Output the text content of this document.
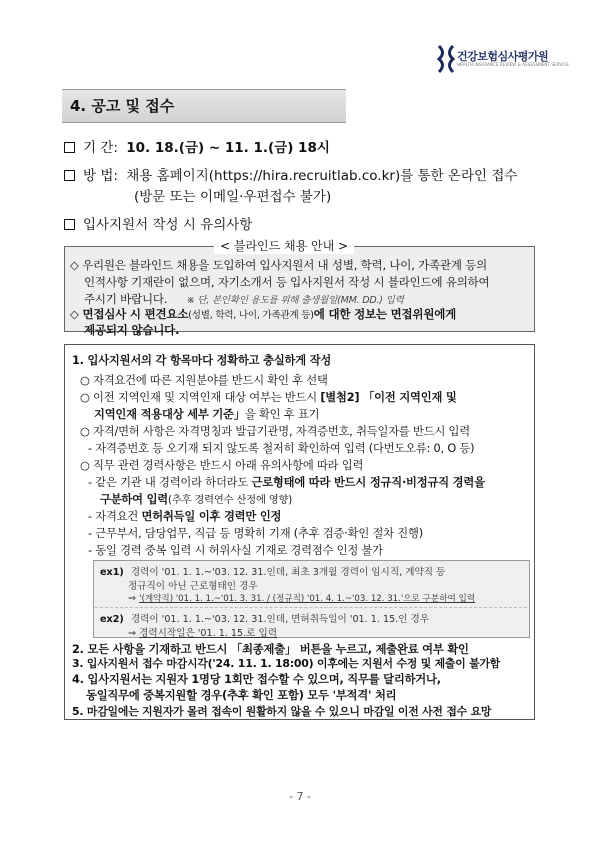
건강보험심사평가원
HEALTH INSURANCE REVIEW & ASSESSMENT SERVICE
4. 공고 및 접수
기 간: 10. 18.(금) ~ 11. 1.(금) 18시
방 법: 채용 홈페이지(https://hira.recruitlab.co.kr)를 통한 온라인 접수
(방문 또는 이메일·우편접수 불가)
입사지원서 작성 시 유의사항
< 블라인드 채용 안내 >
◇ 우리원은 블라인드 채용을 도입하여 입사지원서 내 성별, 학력, 나이, 가족관계 등의
인적사항 기재란이 없으며, 자기소개서 등 입사지원서 작성 시 블라인드에 유의하여
주시기 바랍니다. ※ 단, 본인확인 용도를 위해 출생월일(MM. DD.) 입력
◇ 면접심사 시 편견요소(성별, 학력, 나이, 가족관계 등)에 대한 정보는 면접위원에게
제공되지 않습니다.
1. 입사지원서의 각 항목마다 정확하고 충실하게 작성
○ 자격요건에 따른 지원분야를 반드시 확인 후 선택
○ 이전 지역인재 및 지역인재 대상 여부는 반드시 [별첨2] 「이전 지역인재 및
지역인재 적용대상 세부 기준」을 확인 후 표기
○ 자격/면허 사항은 자격명칭과 발급기관명, 자격증번호, 취득일자를 반드시 입력
- 자격증번호 등 오기재 되지 않도록 철저히 확인하여 입력 (다번도오류: 0, O 등)
○ 직무 관련 경력사항은 반드시 아래 유의사항에 따라 입력
- 같은 기관 내 경력이라 하더라도 근로형태에 따라 반드시 정규직·비정규직 경력을
구분하여 입력(추후 경력연수 산정에 영향)
- 자격요건 면허취득일 이후 경력만 인정
- 근무부서, 담당업무, 직급 등 명확히 기재 (추후 검증·확인 절차 진행)
- 동일 경력 중복 입력 시 허위사실 기재로 경력점수 인정 불가
ex1) 경력이 '01. 1. 1.~'03. 12. 31.인데, 최초 3개월 경력이 임시직, 계약직 등
정규직이 아닌 근로형태인 경우
⇒ '(계약직) '01. 1. 1.~'01. 3. 31. / (정규직) '01. 4. 1.~'03. 12. 31.'으로 구분하여 입력
ex2) 경력이 '01. 1. 1.~'03. 12. 31.인데, 면허취득일이 '01. 1. 15.인 경우
⇒ 경력시작일은 '01. 1. 15.로 입력
2. 모든 사항을 기재하고 반드시 「최종제출」 버튼을 누르고, 제출완료 여부 확인
3. 입사지원서 접수 마감시각('24. 11. 1. 18:00) 이후에는 지원서 수정 및 제출이 불가함
4. 입사지원서는 지원자 1명당 1회만 접수할 수 있으며, 직무를 달리하거나,
동일직무에 중복지원할 경우(추후 확인 포함) 모두 '부적격' 처리
5. 마감일에는 지원자가 몰려 접속이 원활하지 않을 수 있으니 마감일 이전 사전 접수 요망
- 7 -
